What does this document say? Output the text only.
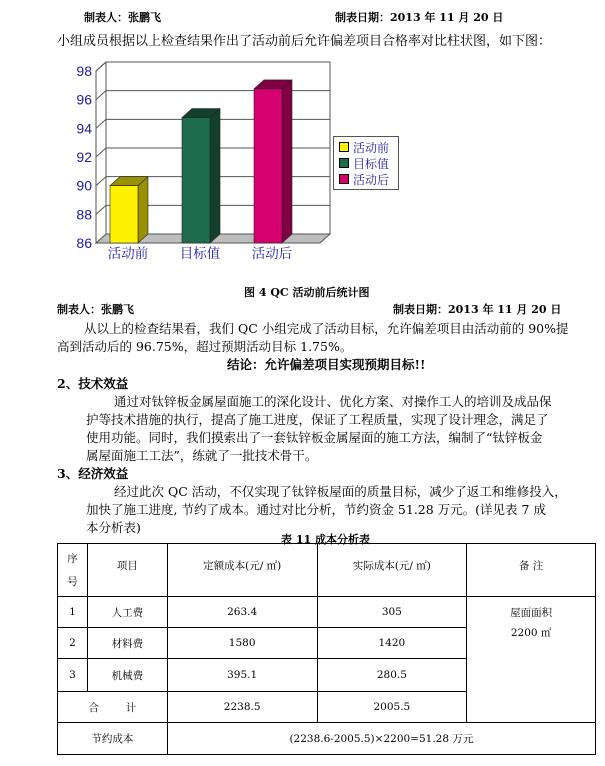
制表人：张鹏飞	制表日期：2013 年 11 月 20 日
小组成员根据以上检查结果作出了活动前后允许偏差项目合格率对比柱状图，如下图：
98
96
94
92
90
88
86
活动前 目标值 活动后
活动前
目标值
活动后
图 4 QC 活动前后统计图
制表人：张鹏飞	制表日期：2013 年 11 月 20 日
从以上的检查结果看，我们 QC 小组完成了活动目标，允许偏差项目由活动前的 90%提
高到活动后的 96.75%，超过预期活动目标 1.75%。
结论：允许偏差项目实现预期目标!!
2、技术效益
通过对钛锌板金属屋面施工的深化设计、优化方案、对操作工人的培训及成品保
护等技术措施的执行，提高了施工进度，保证了工程质量，实现了设计理念，满足了
使用功能。同时，我们摸索出了一套钛锌板金属屋面的施工方法，编制了“钛锌板金
属屋面施工工法”，练就了一批技术骨干。
3、经济效益
经过此次 QC 活动，不仅实现了钛锌板屋面的质量目标，减少了返工和维修投入，
加快了施工进度, 节约了成本。通过对比分析，节约资金 51.28 万元。(详见表 7 成
本分析表)
表 11 成本分析表
序
号	项目	定额成本(元/ ㎡)	实际成本(元/ ㎡)	备 注
1	人工费	263.4	305	屋面面积
2200 ㎡

2	材料费	1580	1420	
3	机械费	395.1	280.5	
合        计		2238.5	2005.5	
节约成本		(2238.6-2005.5)×2200=51.28 万元		
